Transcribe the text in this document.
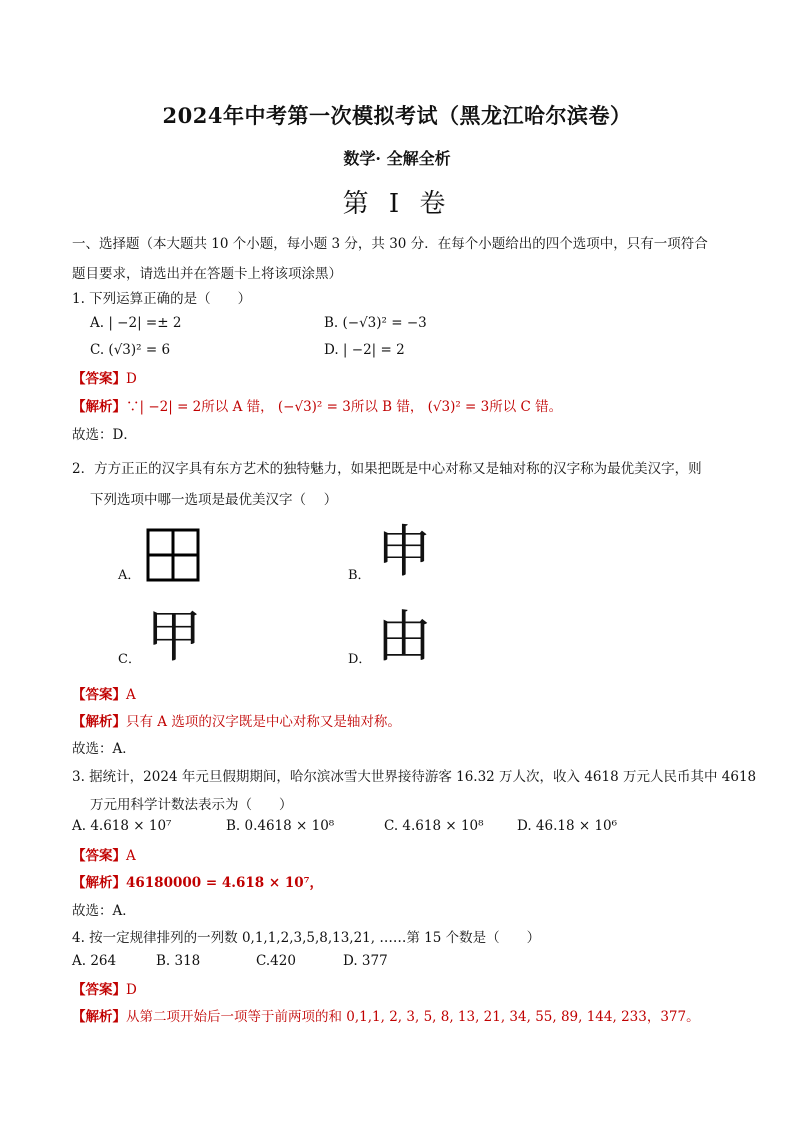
2024年中考第一次模拟考试（黑龙江哈尔滨卷）
数学· 全解全析
第 I 卷
一、选择题（本大题共 10 个小题，每小题 3 分，共 30 分．在每个小题给出的四个选项中，只有一项符合
题目要求，请选出并在答题卡上将该项涂黑）
1. 下列运算正确的是（　　）
A. | −2| =± 2	B. (−√3)² = −3
C. (√3)² = 6	D. | −2| = 2
【答案】D
【解析】∵| −2| = 2所以 A 错， (−√3)² = 3所以 B 错， (√3)² = 3所以 C 错。
故选：D．
2．方方正正的汉字具有东方艺术的独特魅力，如果把既是中心对称又是轴对称的汉字称为最优美汉字，则
下列选项中哪一选项是最优美汉字（　 ）
A．	B． 申
C． 甲	D． 由
【答案】A
【解析】只有 A 选项的汉字既是中心对称又是轴对称。
故选：A．
3. 据统计，2024 年元旦假期期间，哈尔滨冰雪大世界接待游客 16.32 万人次，收入 4618 万元人民币其中 4618
万元用科学计数法表示为（　　）
A. 4.618 × 10⁷	B. 0.4618 × 10⁸	C. 4.618 × 10⁸ D. 46.18 × 10⁶
【答案】A
【解析】46180000 = 4.618 × 10⁷，
故选：A．
4. 按一定规律排列的一列数 0,1,1,2,3,5,8,13,21, ……第 15 个数是（　　）
A. 264	B. 318	C.420	D. 377
【答案】D
【解析】从第二项开始后一项等于前两项的和 0,1,1, 2, 3, 5, 8, 13, 21, 34, 55, 89, 144, 233，377。
